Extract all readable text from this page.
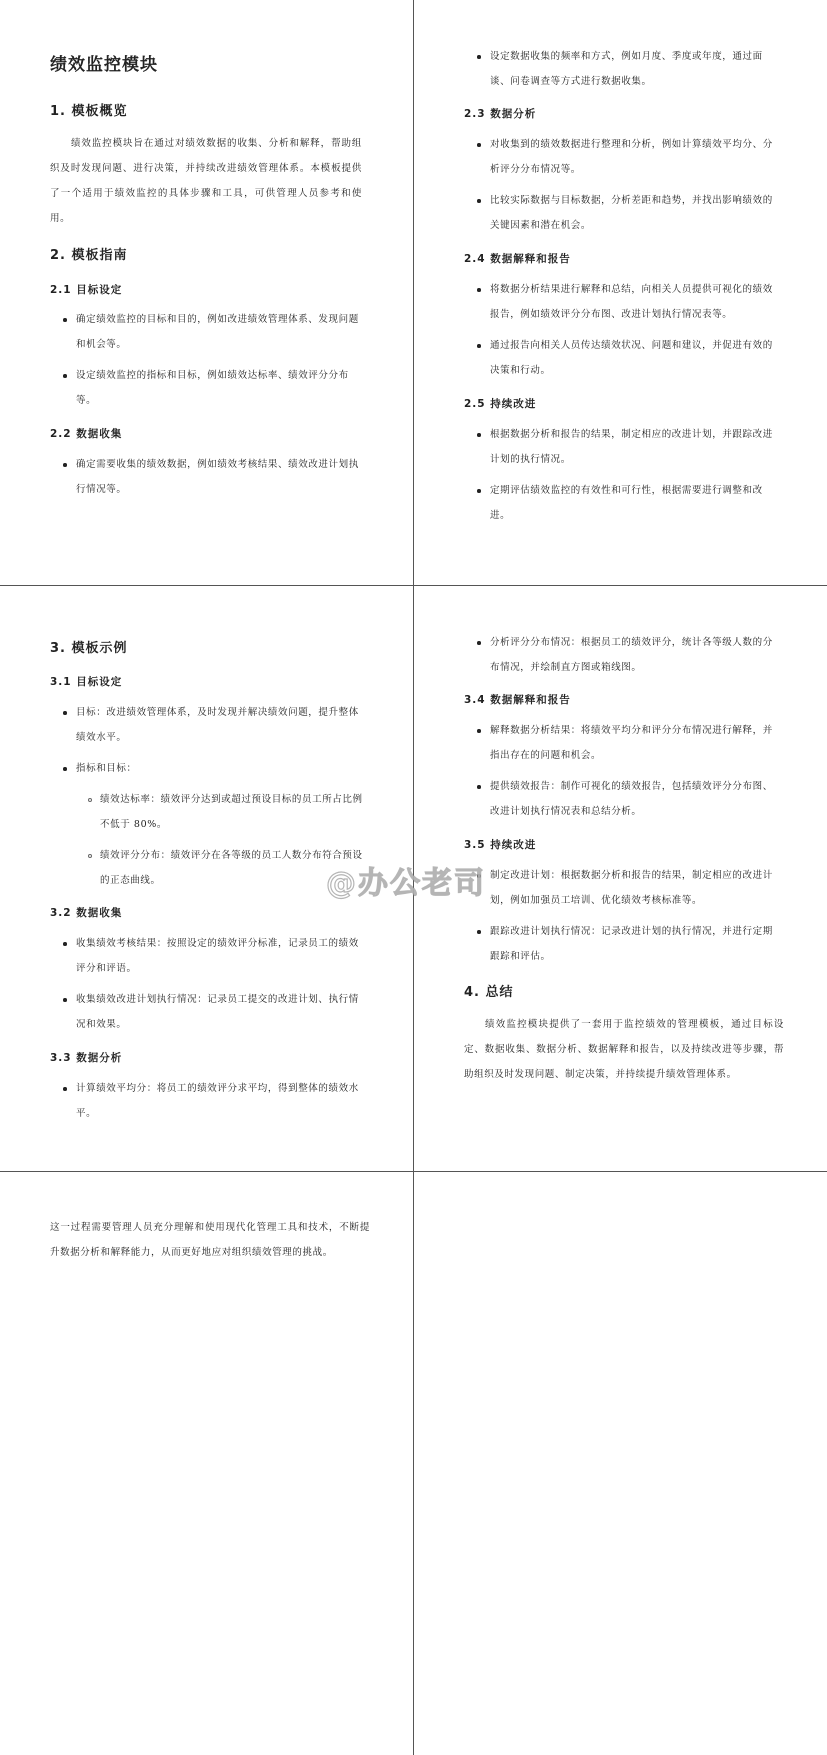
绩效监控模块
1. 模板概览
绩效监控模块旨在通过对绩效数据的收集、分析和解释，帮助组织及时发现问题、进行决策，并持续改进绩效管理体系。本模板提供了一个适用于绩效监控的具体步骤和工具，可供管理人员参考和使用。
2. 模板指南
2.1 目标设定
确定绩效监控的目标和目的，例如改进绩效管理体系、发现问题和机会等。
设定绩效监控的指标和目标，例如绩效达标率、绩效评分分布等。
2.2 数据收集
确定需要收集的绩效数据，例如绩效考核结果、绩效改进计划执行情况等。
设定数据收集的频率和方式，例如月度、季度或年度，通过面谈、问卷调查等方式进行数据收集。
2.3 数据分析
对收集到的绩效数据进行整理和分析，例如计算绩效平均分、分析评分分布情况等。
比较实际数据与目标数据，分析差距和趋势，并找出影响绩效的关键因素和潜在机会。
2.4 数据解释和报告
将数据分析结果进行解释和总结，向相关人员提供可视化的绩效报告，例如绩效评分分布图、改进计划执行情况表等。
通过报告向相关人员传达绩效状况、问题和建议，并促进有效的决策和行动。
2.5 持续改进
根据数据分析和报告的结果，制定相应的改进计划，并跟踪改进计划的执行情况。
定期评估绩效监控的有效性和可行性，根据需要进行调整和改进。
3. 模板示例
3.1 目标设定
目标：改进绩效管理体系，及时发现并解决绩效问题，提升整体绩效水平。
指标和目标：
绩效达标率：绩效评分达到或超过预设目标的员工所占比例不低于 80%。
绩效评分分布：绩效评分在各等级的员工人数分布符合预设的正态曲线。
3.2 数据收集
收集绩效考核结果：按照设定的绩效评分标准，记录员工的绩效评分和评语。
收集绩效改进计划执行情况：记录员工提交的改进计划、执行情况和效果。
3.3 数据分析
计算绩效平均分：将员工的绩效评分求平均，得到整体的绩效水平。
分析评分分布情况：根据员工的绩效评分，统计各等级人数的分布情况，并绘制直方图或箱线图。
3.4 数据解释和报告
解释数据分析结果：将绩效平均分和评分分布情况进行解释，并指出存在的问题和机会。
提供绩效报告：制作可视化的绩效报告，包括绩效评分分布图、改进计划执行情况表和总结分析。
3.5 持续改进
制定改进计划：根据数据分析和报告的结果，制定相应的改进计划，例如加强员工培训、优化绩效考核标准等。
跟踪改进计划执行情况：记录改进计划的执行情况，并进行定期跟踪和评估。
4. 总结
绩效监控模块提供了一套用于监控绩效的管理模板，通过目标设定、数据收集、数据分析、数据解释和报告，以及持续改进等步骤，帮助组织及时发现问题、制定决策，并持续提升绩效管理体系。
这一过程需要管理人员充分理解和使用现代化管理工具和技术，不断提升数据分析和解释能力，从而更好地应对组织绩效管理的挑战。
@办公老司
